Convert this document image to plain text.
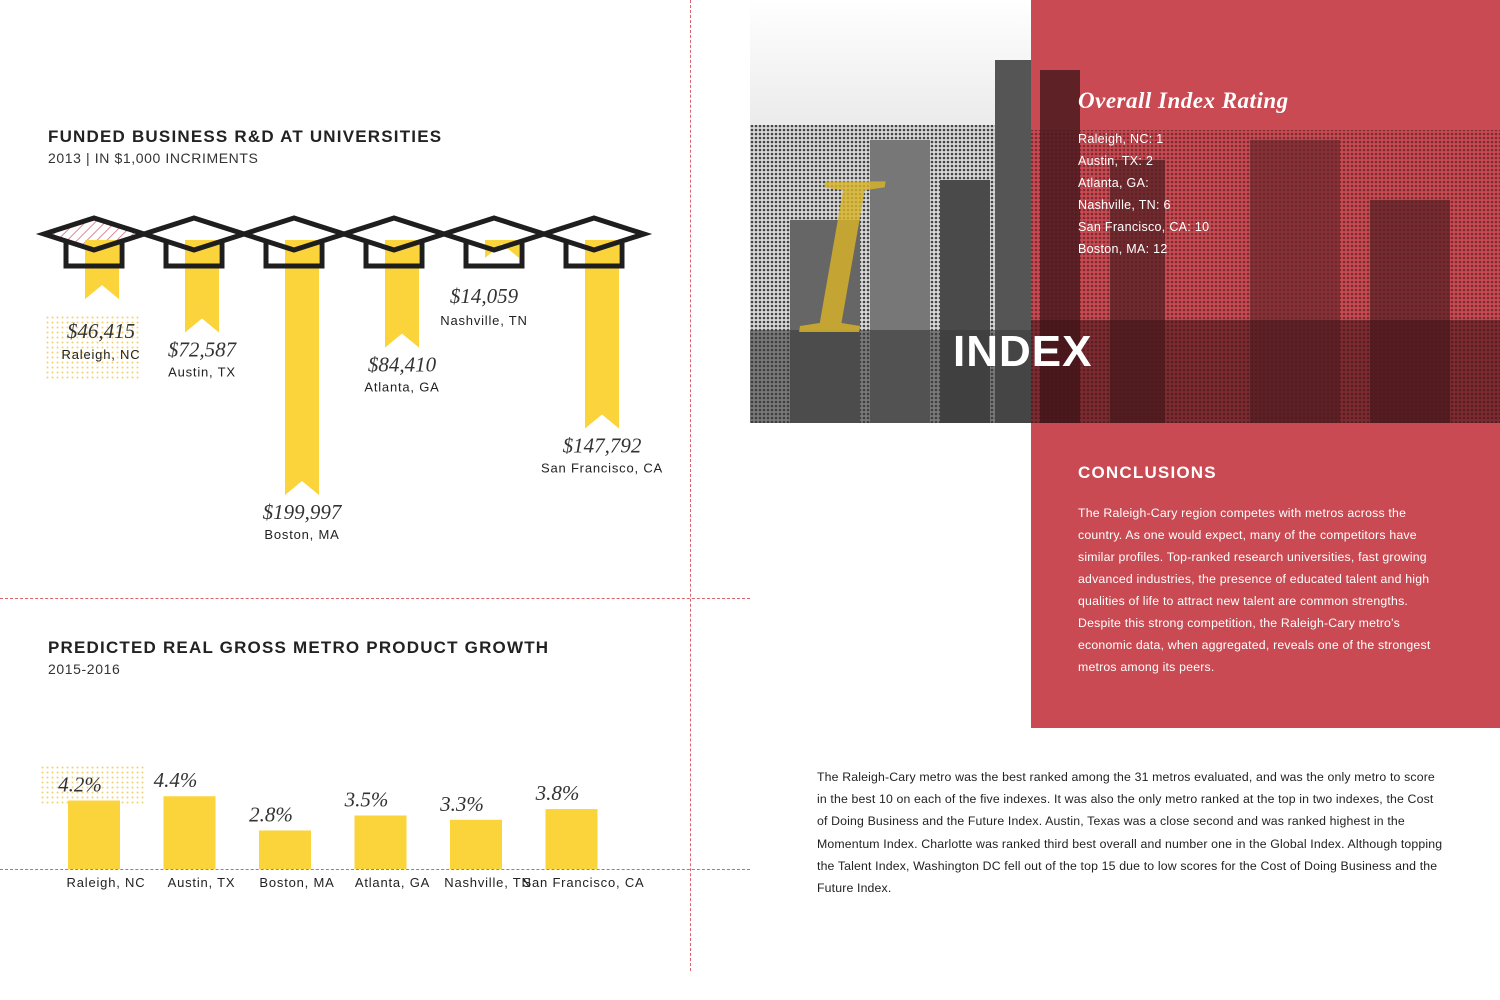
FUNDED BUSINESS R&D AT UNIVERSITIES
2013 | IN $1,000 INCRIMENTS
$46,415
Raleigh, NC $72,587
Austin, TX
$199,997
Boston, MA
$84,410
Atlanta, GA
$14,059
Nashville, TN
$147,792
San Francisco, CA
PREDICTED REAL GROSS METRO PRODUCT GROWTH
2015-2016
4.2%
Raleigh, NC
4.4%
Austin, TX
2.8%
Boston, MA
3.5%
Atlanta, GA
3.3%
Nashville, TN
3.8%
San Francisco, CA
I INDEX
Overall Index Rating
Raleigh, NC: 1
Austin, TX: 2
Atlanta, GA:
Nashville, TN: 6
San Francisco, CA: 10
Boston, MA: 12
CONCLUSIONS

The Raleigh-Cary region competes with metros across the country. As one would expect, many of the competitors have similar profiles. Top-ranked research universities, fast growing advanced industries, the presence of educated talent and high qualities of life to attract new talent are common strengths. Despite this strong competition, the Raleigh-Cary metro's economic data, when aggregated, reveals one of the strongest metros among its peers.

The Raleigh-Cary metro was the best ranked among the 31 metros evaluated, and was the only metro to score in the best 10 on each of the five indexes. It was also the only metro ranked at the top in two indexes, the Cost of Doing Business and the Future Index. Austin, Texas was a close second and was ranked highest in the Momentum Index. Charlotte was ranked third best overall and number one in the Global Index. Although topping the Talent Index, Washington DC fell out of the top 15 due to low scores for the Cost of Doing Business and the Future Index.
